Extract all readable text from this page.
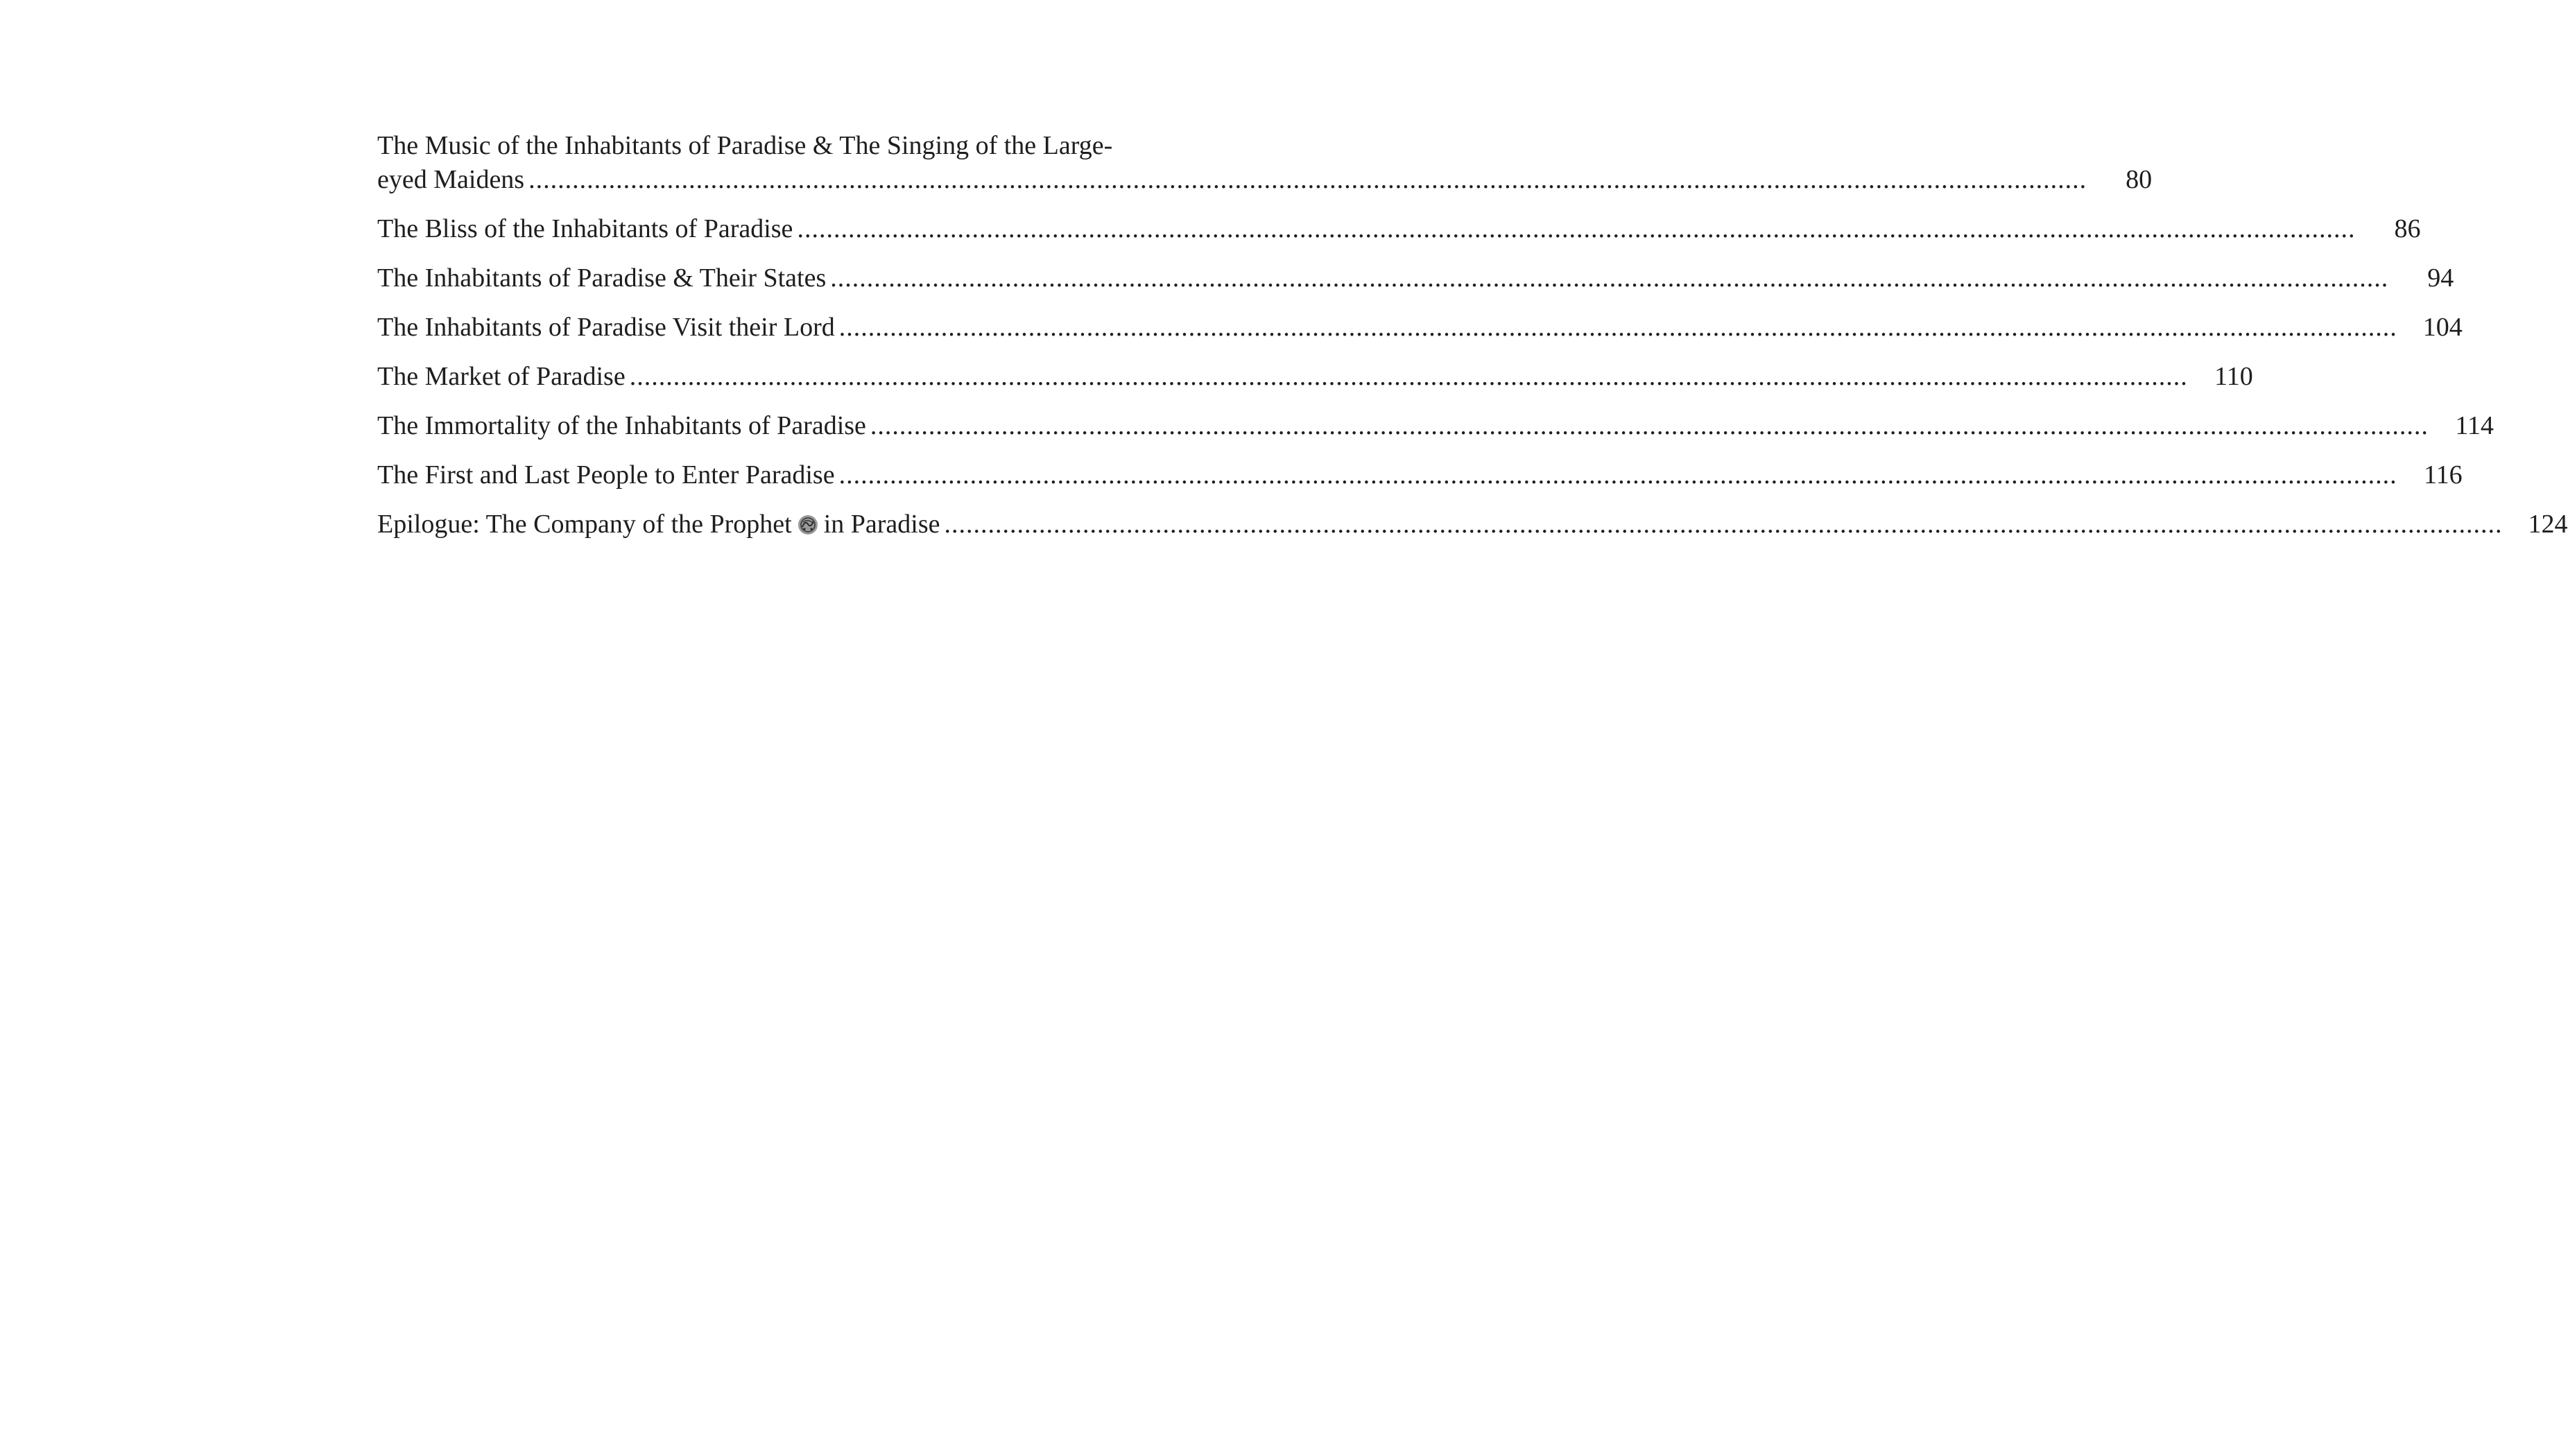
The Music of the Inhabitants of Paradise & The Singing of the Large-
eyed Maidens ......................................................................................................................................................................................................................	80
The Bliss of the Inhabitants of Paradise ......................................................................................................................................................................................................................	86
The Inhabitants of Paradise & Their States ......................................................................................................................................................................................................................	94
The Inhabitants of Paradise Visit their Lord ...................................................................................................................................................................................................................... 104
The Market of Paradise ......................................................................................................................................................................................................................	110
The Immortality of the Inhabitants of Paradise ......................................................................................................................................................................................................................	114
The First and Last People to Enter Paradise ......................................................................................................................................................................................................................	116
Epilogue: The Company of the Prophet in Paradise ...................................................................................................................................................................................................................... 124
